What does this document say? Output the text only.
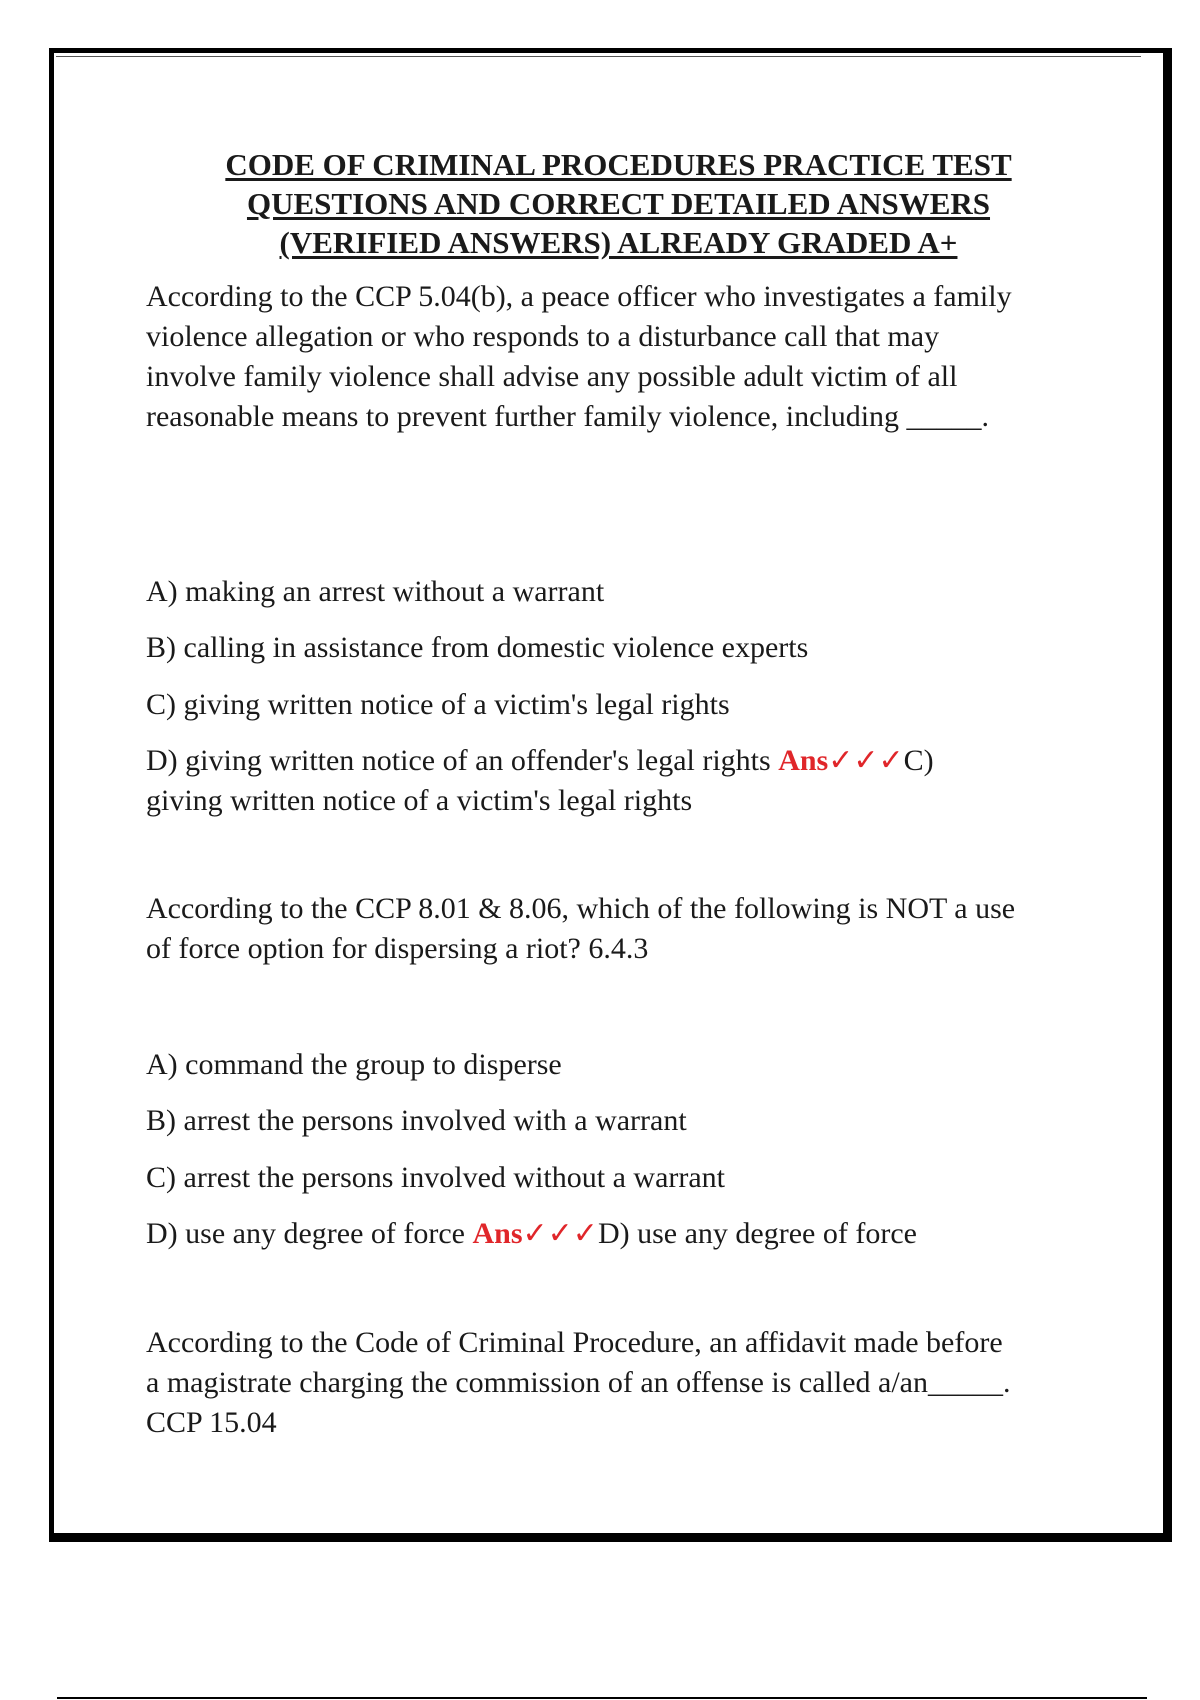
CODE OF CRIMINAL PROCEDURES PRACTICE TEST
QUESTIONS AND CORRECT DETAILED ANSWERS
(VERIFIED ANSWERS) ALREADY GRADED A+

According to the CCP 5.04(b), a peace officer who investigates a family
violence allegation or who responds to a disturbance call that may
involve family violence shall advise any possible adult victim of all
reasonable means to prevent further family violence, including _____.

A) making an arrest without a warrant

B) calling in assistance from domestic violence experts

C) giving written notice of a victim's legal rights

D) giving written notice of an offender's legal rights Ans✓✓✓C)
giving written notice of a victim's legal rights

According to the CCP 8.01 & 8.06, which of the following is NOT a use
of force option for dispersing a riot? 6.4.3

A) command the group to disperse

B) arrest the persons involved with a warrant

C) arrest the persons involved without a warrant

D) use any degree of force Ans✓✓✓D) use any degree of force

According to the Code of Criminal Procedure, an affidavit made before
a magistrate charging the commission of an offense is called a/an_____.
CCP 15.04
